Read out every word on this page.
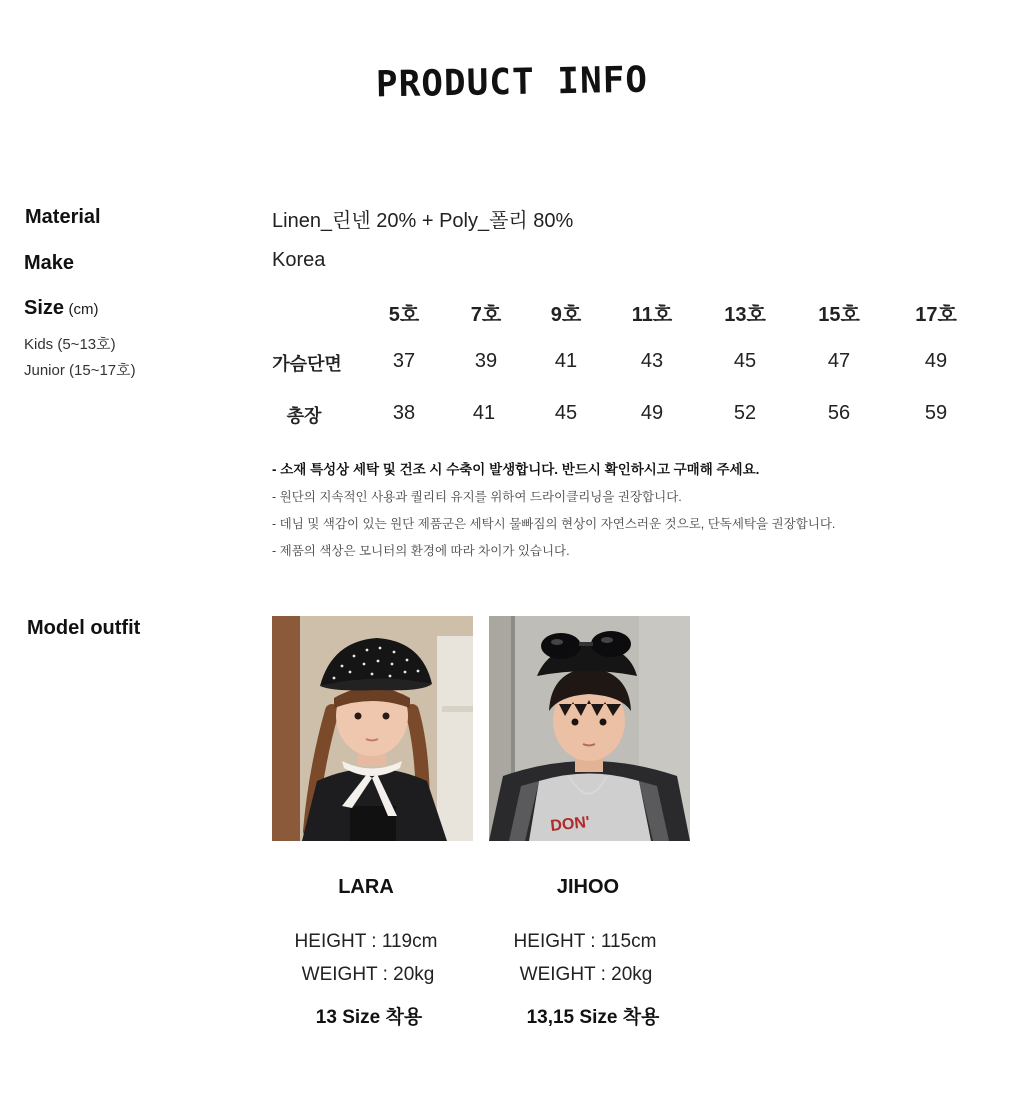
PRODUCT INFO
Material	Linen_린넨 20% + Poly_폴리 80%
Make	Korea
Size (cm)
Kids (5~13호)
Junior (15~17호)
5호	7호	9호	11호	13호	15호	17호
가슴단면	37	39	41	43	45	47	49
총장	38	41	45	49	52	56	59
- 소재 특성상 세탁 및 건조 시 수축이 발생합니다. 반드시 확인하시고 구매해 주세요.
- 원단의 지속적인 사용과 퀄리티 유지를 위하여 드라이클리닝을 권장합니다.
- 데님 및 색감이 있는 원단 제품군은 세탁시 물빠짐의 현상이 자연스러운 것으로, 단독세탁을 권장합니다.
- 제품의 색상은 모니터의 환경에 따라 차이가 있습니다.
Model outfit
DON'
LARA
HEIGHT : 119cm
WEIGHT : 20kg
13 Size 착용
JIHOO
HEIGHT : 115cm
WEIGHT : 20kg
13,15 Size 착용
